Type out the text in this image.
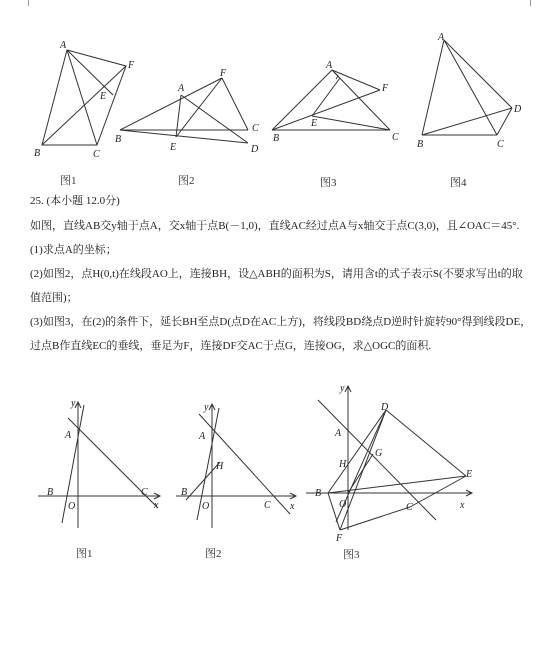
A
F
E
B	C
A
F
B
E
C
D
A
F
E
B	C
A
D
B	C
图1	图2	图3	图4
25. (本小题 12.0分)
如图，直线AB交y轴于点A，交x轴于点B(－1,0)，直线AC经过点A与x轴交于点C(3,0)，且∠OAC＝45°.
(1)求点A的坐标；
(2)如图2，点H(0,t)在线段AO上，连接BH，设△ABH的面积为S，请用含t的式子表示S(不要求写出t的取
值范围)；
(3)如图3，在(2)的条件下，延长BH至点D(点D在AC上方)，将线段BD绕点D逆时针旋转90°得到线段DE，
过点B作直线EC的垂线，垂足为F，连接DF交AC于点G，连接OG，求△OGC的面积.
y
A
B
O
C
x
y
A
H
B
O	C x
y
D
A
G
H
E
B
O	C	x
F
图1	图2	图3
